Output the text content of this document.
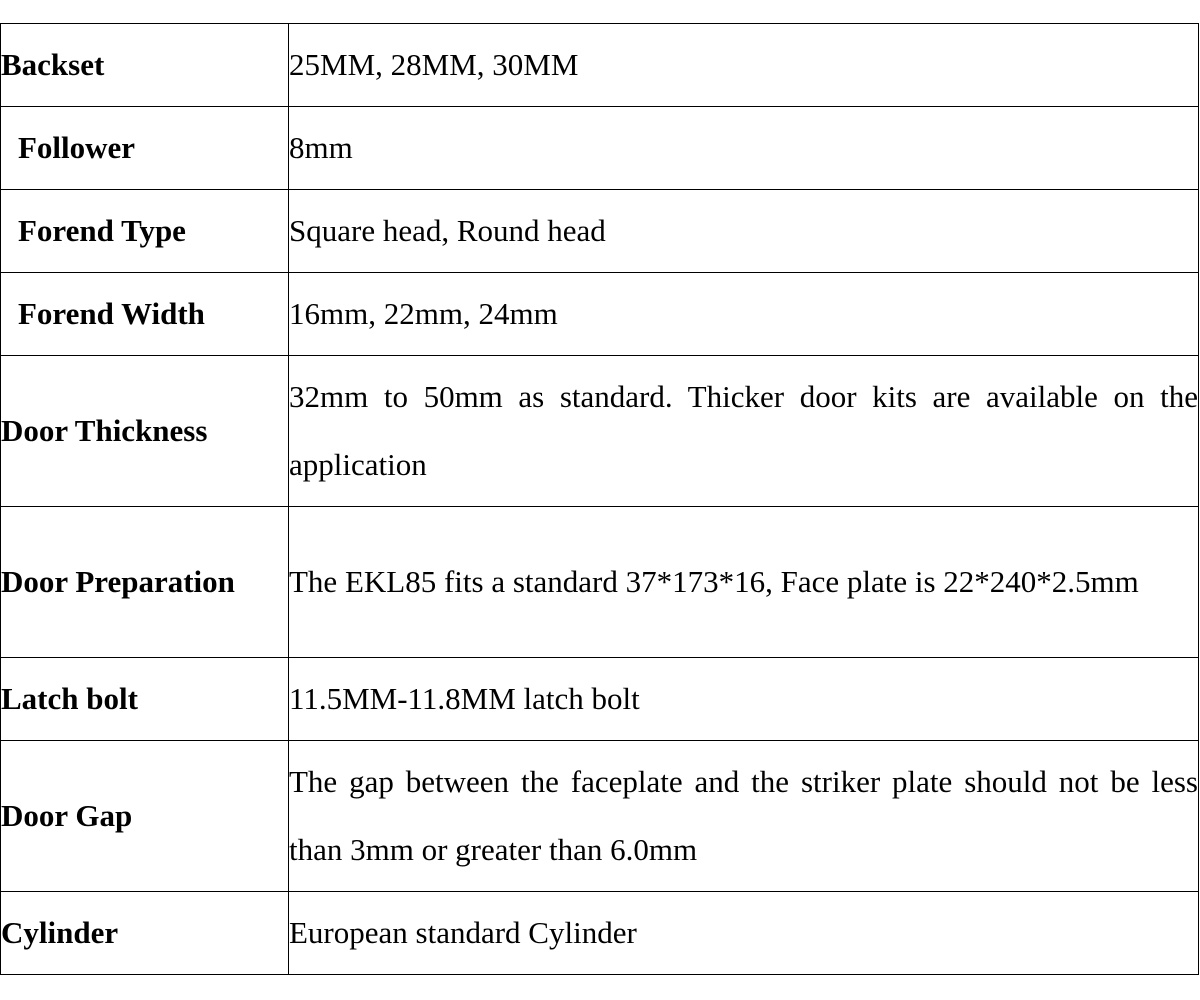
Backset	25MM, 28MM, 30MM
Follower	8mm
Forend Type	Square head, Round head
Forend Width	16mm, 22mm, 24mm
Door Thickness	32mm to 50mm as standard. Thicker door kits are available on the application
Door Preparation	The EKL85 fits a standard 37*173*16, Face plate is 22*240*2.5mm
Latch bolt	11.5MM-11.8MM latch bolt
Door Gap	The gap between the faceplate and the striker plate should not be less than 3mm or greater than 6.0mm
Cylinder	European standard Cylinder
